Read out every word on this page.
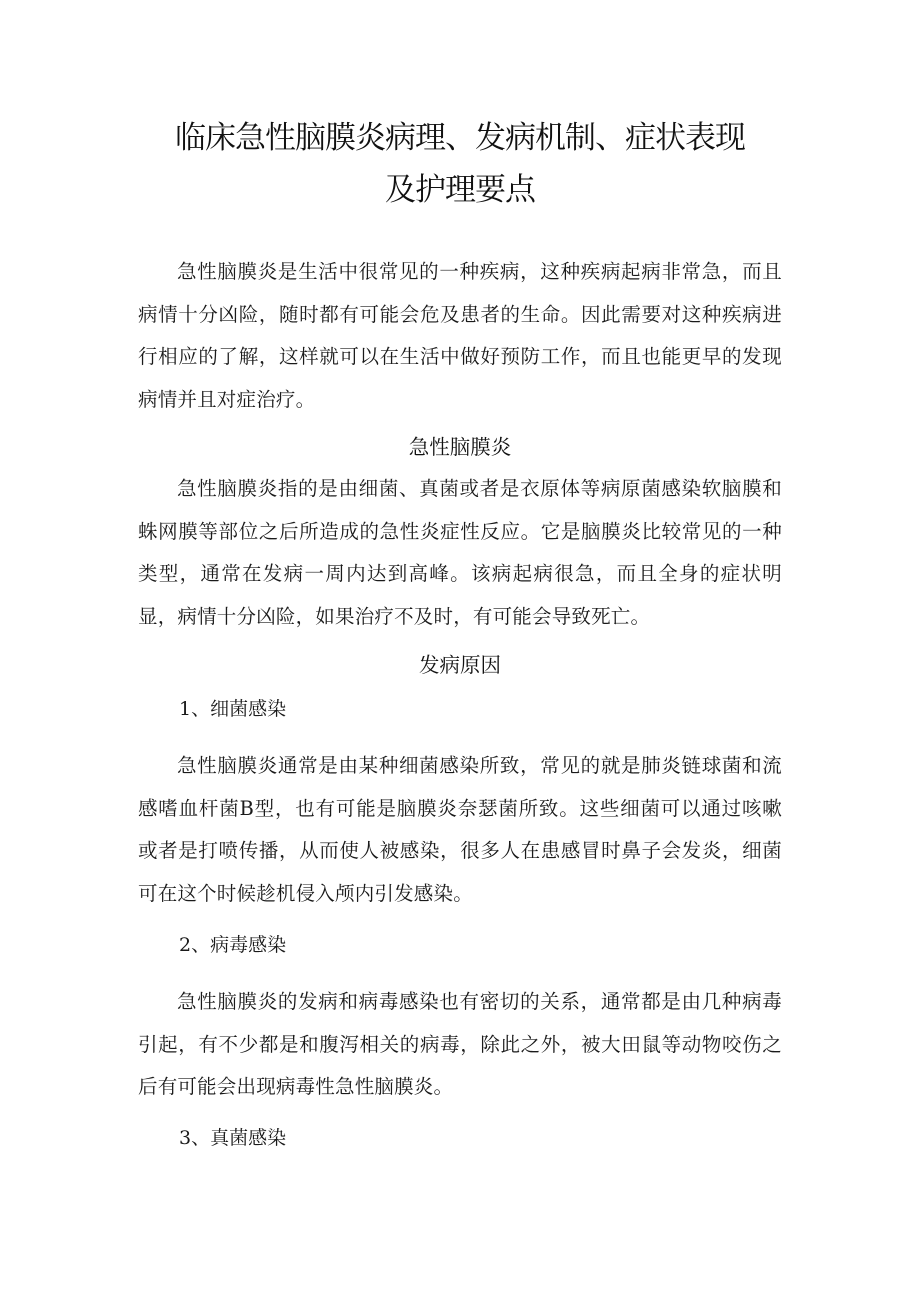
临床急性脑膜炎病理、发病机制、症状表现
及护理要点

急性脑膜炎是生活中很常见的一种疾病，这种疾病起病非常急，而且病情十分凶险，随时都有可能会危及患者的生命。因此需要对这种疾病进行相应的了解，这样就可以在生活中做好预防工作，而且也能更早的发现病情并且对症治疗。

急性脑膜炎

急性脑膜炎指的是由细菌、真菌或者是衣原体等病原菌感染软脑膜和蛛网膜等部位之后所造成的急性炎症性反应。它是脑膜炎比较常见的一种类型，通常在发病一周内达到高峰。该病起病很急，而且全身的症状明显，病情十分凶险，如果治疗不及时，有可能会导致死亡。

发病原因

1、细菌感染

急性脑膜炎通常是由某种细菌感染所致，常见的就是肺炎链球菌和流感嗜血杆菌B型，也有可能是脑膜炎奈瑟菌所致。这些细菌可以通过咳嗽或者是打喷传播，从而使人被感染，很多人在患感冒时鼻子会发炎，细菌可在这个时候趁机侵入颅内引发感染。

2、病毒感染

急性脑膜炎的发病和病毒感染也有密切的关系，通常都是由几种病毒引起，有不少都是和腹泻相关的病毒，除此之外，被大田鼠等动物咬伤之后有可能会出现病毒性急性脑膜炎。

3、真菌感染
